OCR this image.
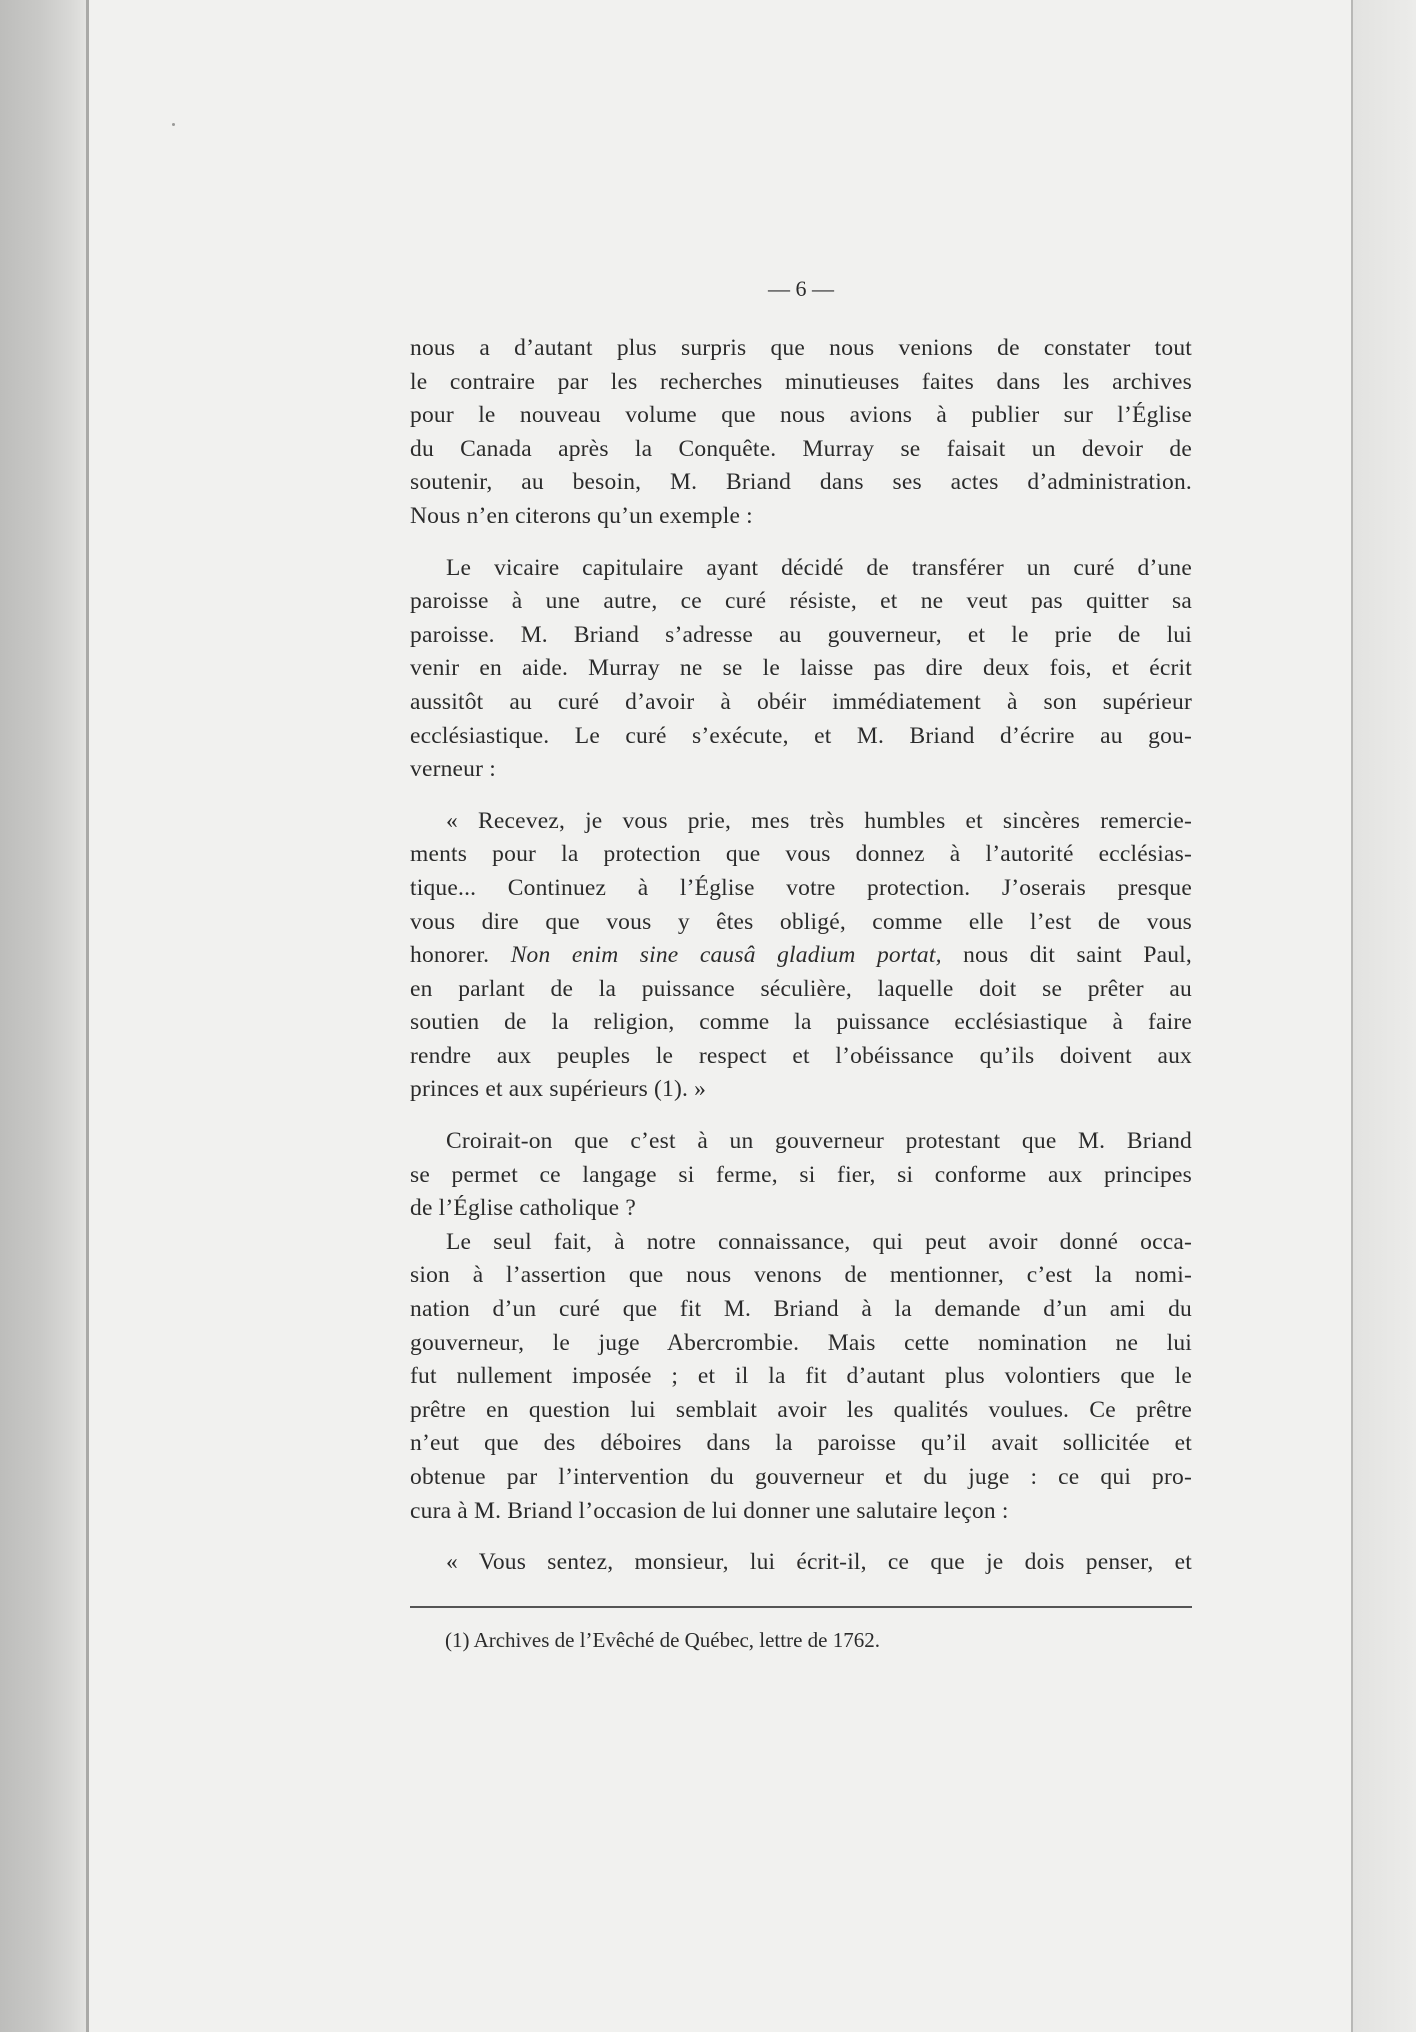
— 6 —
nous a d’autant plus surpris que nous venions de constater tout
le contraire par les recherches minutieuses faites dans les archives
pour le nouveau volume que nous avions à publier sur l’Église
du Canada après la Conquête. Murray se faisait un devoir de
soutenir, au besoin, M. Briand dans ses actes d’administration.
Nous n’en citerons qu’un exemple :
Le vicaire capitulaire ayant décidé de transférer un curé d’une
paroisse à une autre, ce curé résiste, et ne veut pas quitter sa
paroisse. M. Briand s’adresse au gouverneur, et le prie de lui
venir en aide. Murray ne se le laisse pas dire deux fois, et écrit
aussitôt au curé d’avoir à obéir immédiatement à son supérieur
ecclésiastique. Le curé s’exécute, et M. Briand d’écrire au gou-
verneur :
« Recevez, je vous prie, mes très humbles et sincères remercie-
ments pour la protection que vous donnez à l’autorité ecclésias-
tique... Continuez à l’Église votre protection. J’oserais presque
vous dire que vous y êtes obligé, comme elle l’est de vous
honorer. Non enim sine causâ gladium portat, nous dit saint Paul,
en parlant de la puissance séculière, laquelle doit se prêter au
soutien de la religion, comme la puissance ecclésiastique à faire
rendre aux peuples le respect et l’obéissance qu’ils doivent aux
princes et aux supérieurs (1). »
Croirait-on que c’est à un gouverneur protestant que M. Briand
se permet ce langage si ferme, si fier, si conforme aux principes
de l’Église catholique ?
Le seul fait, à notre connaissance, qui peut avoir donné occa-
sion à l’assertion que nous venons de mentionner, c’est la nomi-
nation d’un curé que fit M. Briand à la demande d’un ami du
gouverneur, le juge Abercrombie. Mais cette nomination ne lui
fut nullement imposée ; et il la fit d’autant plus volontiers que le
prêtre en question lui semblait avoir les qualités voulues. Ce prêtre
n’eut que des déboires dans la paroisse qu’il avait sollicitée et
obtenue par l’intervention du gouverneur et du juge : ce qui pro-
cura à M. Briand l’occasion de lui donner une salutaire leçon :
« Vous sentez, monsieur, lui écrit-il, ce que je dois penser, et
(1) Archives de l’Evêché de Québec, lettre de 1762.
